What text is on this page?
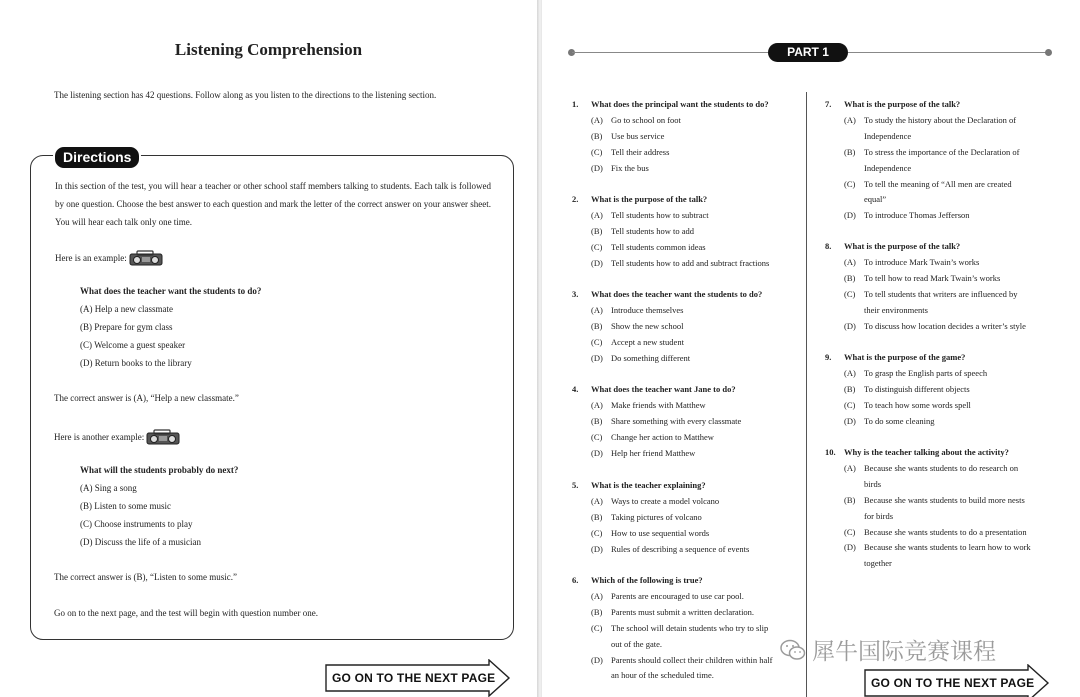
Listening Comprehension
The listening section has 42 questions. Follow along as you listen to the directions to the listening section.
Directions
In this section of the test, you will hear a teacher or other school staff members talking to students. Each talk is followed by one question. Choose the best answer to each question and mark the letter of the correct answer on your answer sheet. You will hear each talk only one time.
Here is an example:
What does the teacher want the students to do?
(A) Help a new classmate
(B) Prepare for gym class
(C) Welcome a guest speaker
(D) Return books to the library
The correct answer is (A), “Help a new classmate.”
Here is another example:
What will the students probably do next?
(A) Sing a song
(B) Listen to some music
(C) Choose instruments to play
(D) Discuss the life of a musician
The correct answer is (B), “Listen to some music.”
Go on to the next page, and the test will begin with question number one.
GO ON TO THE NEXT PAGE
PART 1
1. What does the principal want the students to do?
(A) Go to school on foot
(B) Use bus service
(C) Tell their address
(D) Fix the bus
2. What is the purpose of the talk?
(A) Tell students how to subtract
(B) Tell students how to add
(C) Tell students common ideas
(D) Tell students how to add and subtract fractions
3. What does the teacher want the students to do?
(A) Introduce themselves
(B) Show the new school
(C) Accept a new student
(D) Do something different
4. What does the teacher want Jane to do?
(A) Make friends with Matthew
(B) Share something with every classmate
(C) Change her action to Matthew
(D) Help her friend Matthew
5. What is the teacher explaining?
(A) Ways to create a model volcano
(B) Taking pictures of volcano
(C) How to use sequential words
(D) Rules of describing a sequence of events
6. Which of the following is true?
(A) Parents are encouraged to use car pool.
(B) Parents must submit a written declaration.
(C) The school will detain students who try to slip
out of the gate.
(D) Parents should collect their children within half
an hour of the scheduled time.
7. What is the purpose of the talk?
(A) To study the history about the Declaration of
Independence
(B) To stress the importance of the Declaration of
Independence
(C) To tell the meaning of “All men are created
equal”
(D) To introduce Thomas Jefferson
8. What is the purpose of the talk?
(A) To introduce Mark Twain’s works
(B) To tell how to read Mark Twain’s works
(C) To tell students that writers are influenced by
their environments
(D) To discuss how location decides a writer’s style
9. What is the purpose of the game?
(A) To grasp the English parts of speech
(B) To distinguish different objects
(C) To teach how some words spell
(D) To do some cleaning
10. Why is the teacher talking about the activity?
(A) Because she wants students to do research on
birds
(B) Because she wants students to build more nests
for birds
(C) Because she wants students to do a presentation
(D) Because she wants students to learn how to work
together
犀牛国际竞赛课程
GO ON TO THE NEXT PAGE
